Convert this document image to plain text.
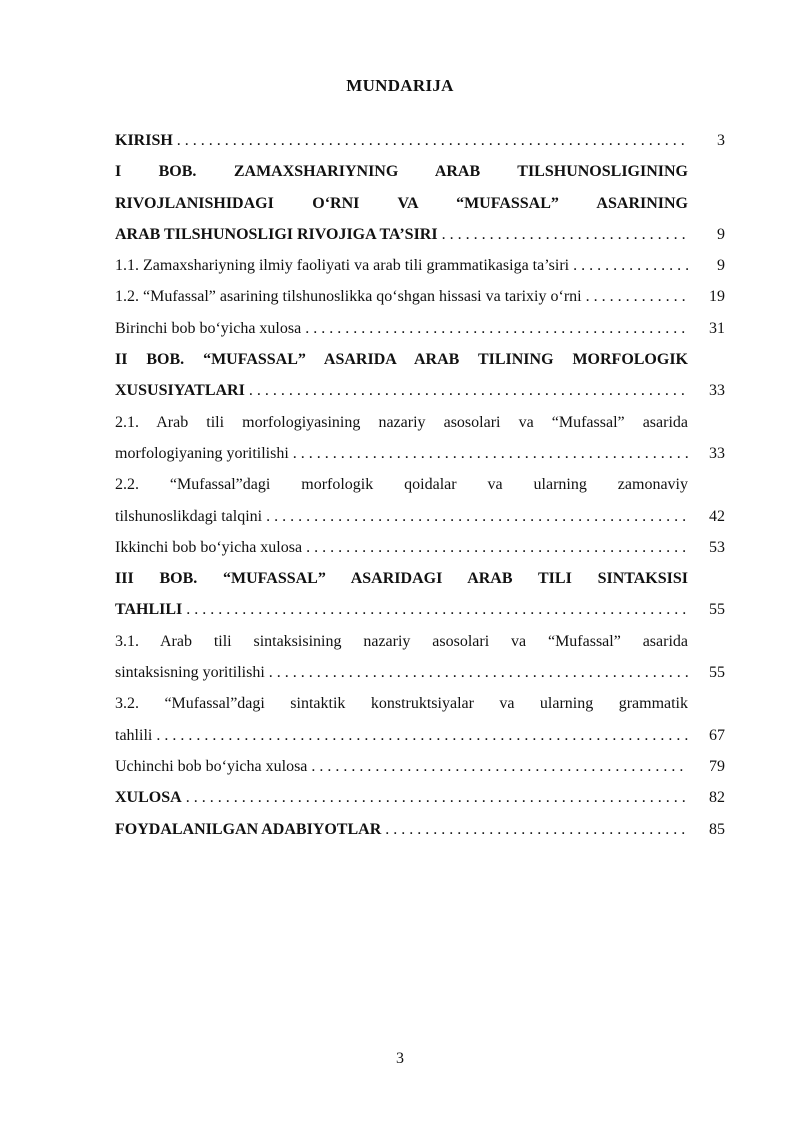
MUNDARIJA
KIRISH . . .	3
I BOB. ZAMAXSHARIYNING ARAB TILSHUNOSLIGINING
RIVOJLANISHIDAGI O‘RNI VA “MUFASSAL” ASARINING
ARAB TILSHUNOSLIGI RIVOJIGA TA’SIRI . . .	9
1.1. Zamaxshariyning ilmiy faoliyati va arab tili grammatikasiga ta’siri . . .	9
1.2. “Mufassal” asarining tilshunoslikka qo‘shgan hissasi va tarixiy o‘rni . . .	19
Birinchi bob bo‘yicha xulosa . . .	31
II BOB. “MUFASSAL” ASARIDA ARAB TILINING MORFOLOGIK
XUSUSIYATLARI . . .	33
2.1. Arab tili morfologiyasining nazariy asosolari va “Mufassal” asarida
morfologiyaning yoritilishi . . .	33
2.2. “Mufassal”dagi morfologik qoidalar va ularning zamonaviy
tilshunoslikdagi talqini . . .	42
Ikkinchi bob bo‘yicha xulosa . . .	53
III BOB. “MUFASSAL” ASARIDAGI ARAB TILI SINTAKSISI
TAHLILI . . .	55
3.1. Arab tili sintaksisining nazariy asosolari va “Mufassal” asarida
sintaksisning yoritilishi . . .	55
3.2. “Mufassal”dagi sintaktik konstruktsiyalar va ularning grammatik
tahlili . . .	67
Uchinchi bob bo‘yicha xulosa . . .	79
XULOSA . . .	82
FOYDALANILGAN ADABIYOTLAR . . .	85
3
